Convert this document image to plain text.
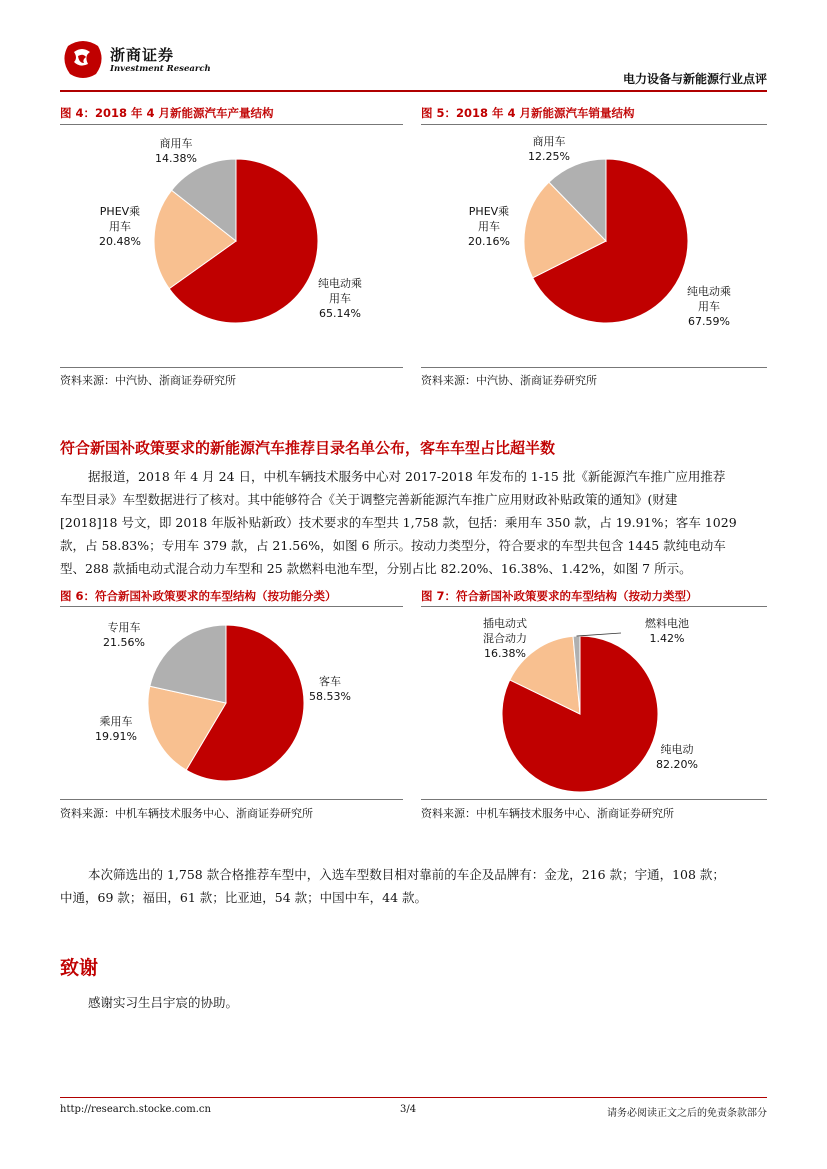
浙商证券
Investment Research
电力设备与新能源行业点评
图 4：2018 年 4 月新能源汽车产量结构
纯电动乘用车 65.14%
PHEV乘用车 20.48%
商用车 14.38%
资料来源：中汽协、浙商证券研究所
图 5：2018 年 4 月新能源汽车销量结构
纯电动乘用车 67.59%
PHEV乘用车 20.16%
商用车 12.25%
资料来源：中汽协、浙商证券研究所
符合新国补政策要求的新能源汽车推荐目录名单公布，客车车型占比超半数
据报道，2018 年 4 月 24 日，中机车辆技术服务中心对 2017-2018 年发布的 1-15 批《新能源汽车推广应用推荐
车型目录》车型数据进行了核对。其中能够符合《关于调整完善新能源汽车推广应用财政补贴政策的通知》(财建
[2018]18 号文，即 2018 年版补贴新政）技术要求的车型共 1,758 款，包括：乘用车 350 款，占 19.91%；客车 1029
款，占 58.83%；专用车 379 款，占 21.56%，如图 6 所示。按动力类型分，符合要求的车型共包含 1445 款纯电动车
型、288 款插电动式混合动力车型和 25 款燃料电池车型，分别占比 82.20%、16.38%、1.42%，如图 7 所示。
图 6：符合新国补政策要求的车型结构（按功能分类）
客车 58.53%
乘用车 19.91%
专用车 21.56%
资料来源：中机车辆技术服务中心、浙商证券研究所
图 7：符合新国补政策要求的车型结构（按动力类型）
纯电动 82.20%
插电动式混合动力 16.38%
燃料电池 1.42%
资料来源：中机车辆技术服务中心、浙商证券研究所
本次筛选出的 1,758 款合格推荐车型中，入选车型数目相对靠前的车企及品牌有：金龙，216 款；宇通，108 款；
中通，69 款；福田，61 款；比亚迪，54 款；中国中车，44 款。
致谢
感谢实习生吕宇宸的协助。
http://research.stocke.com.cn	3/4	请务必阅读正文之后的免责条款部分
